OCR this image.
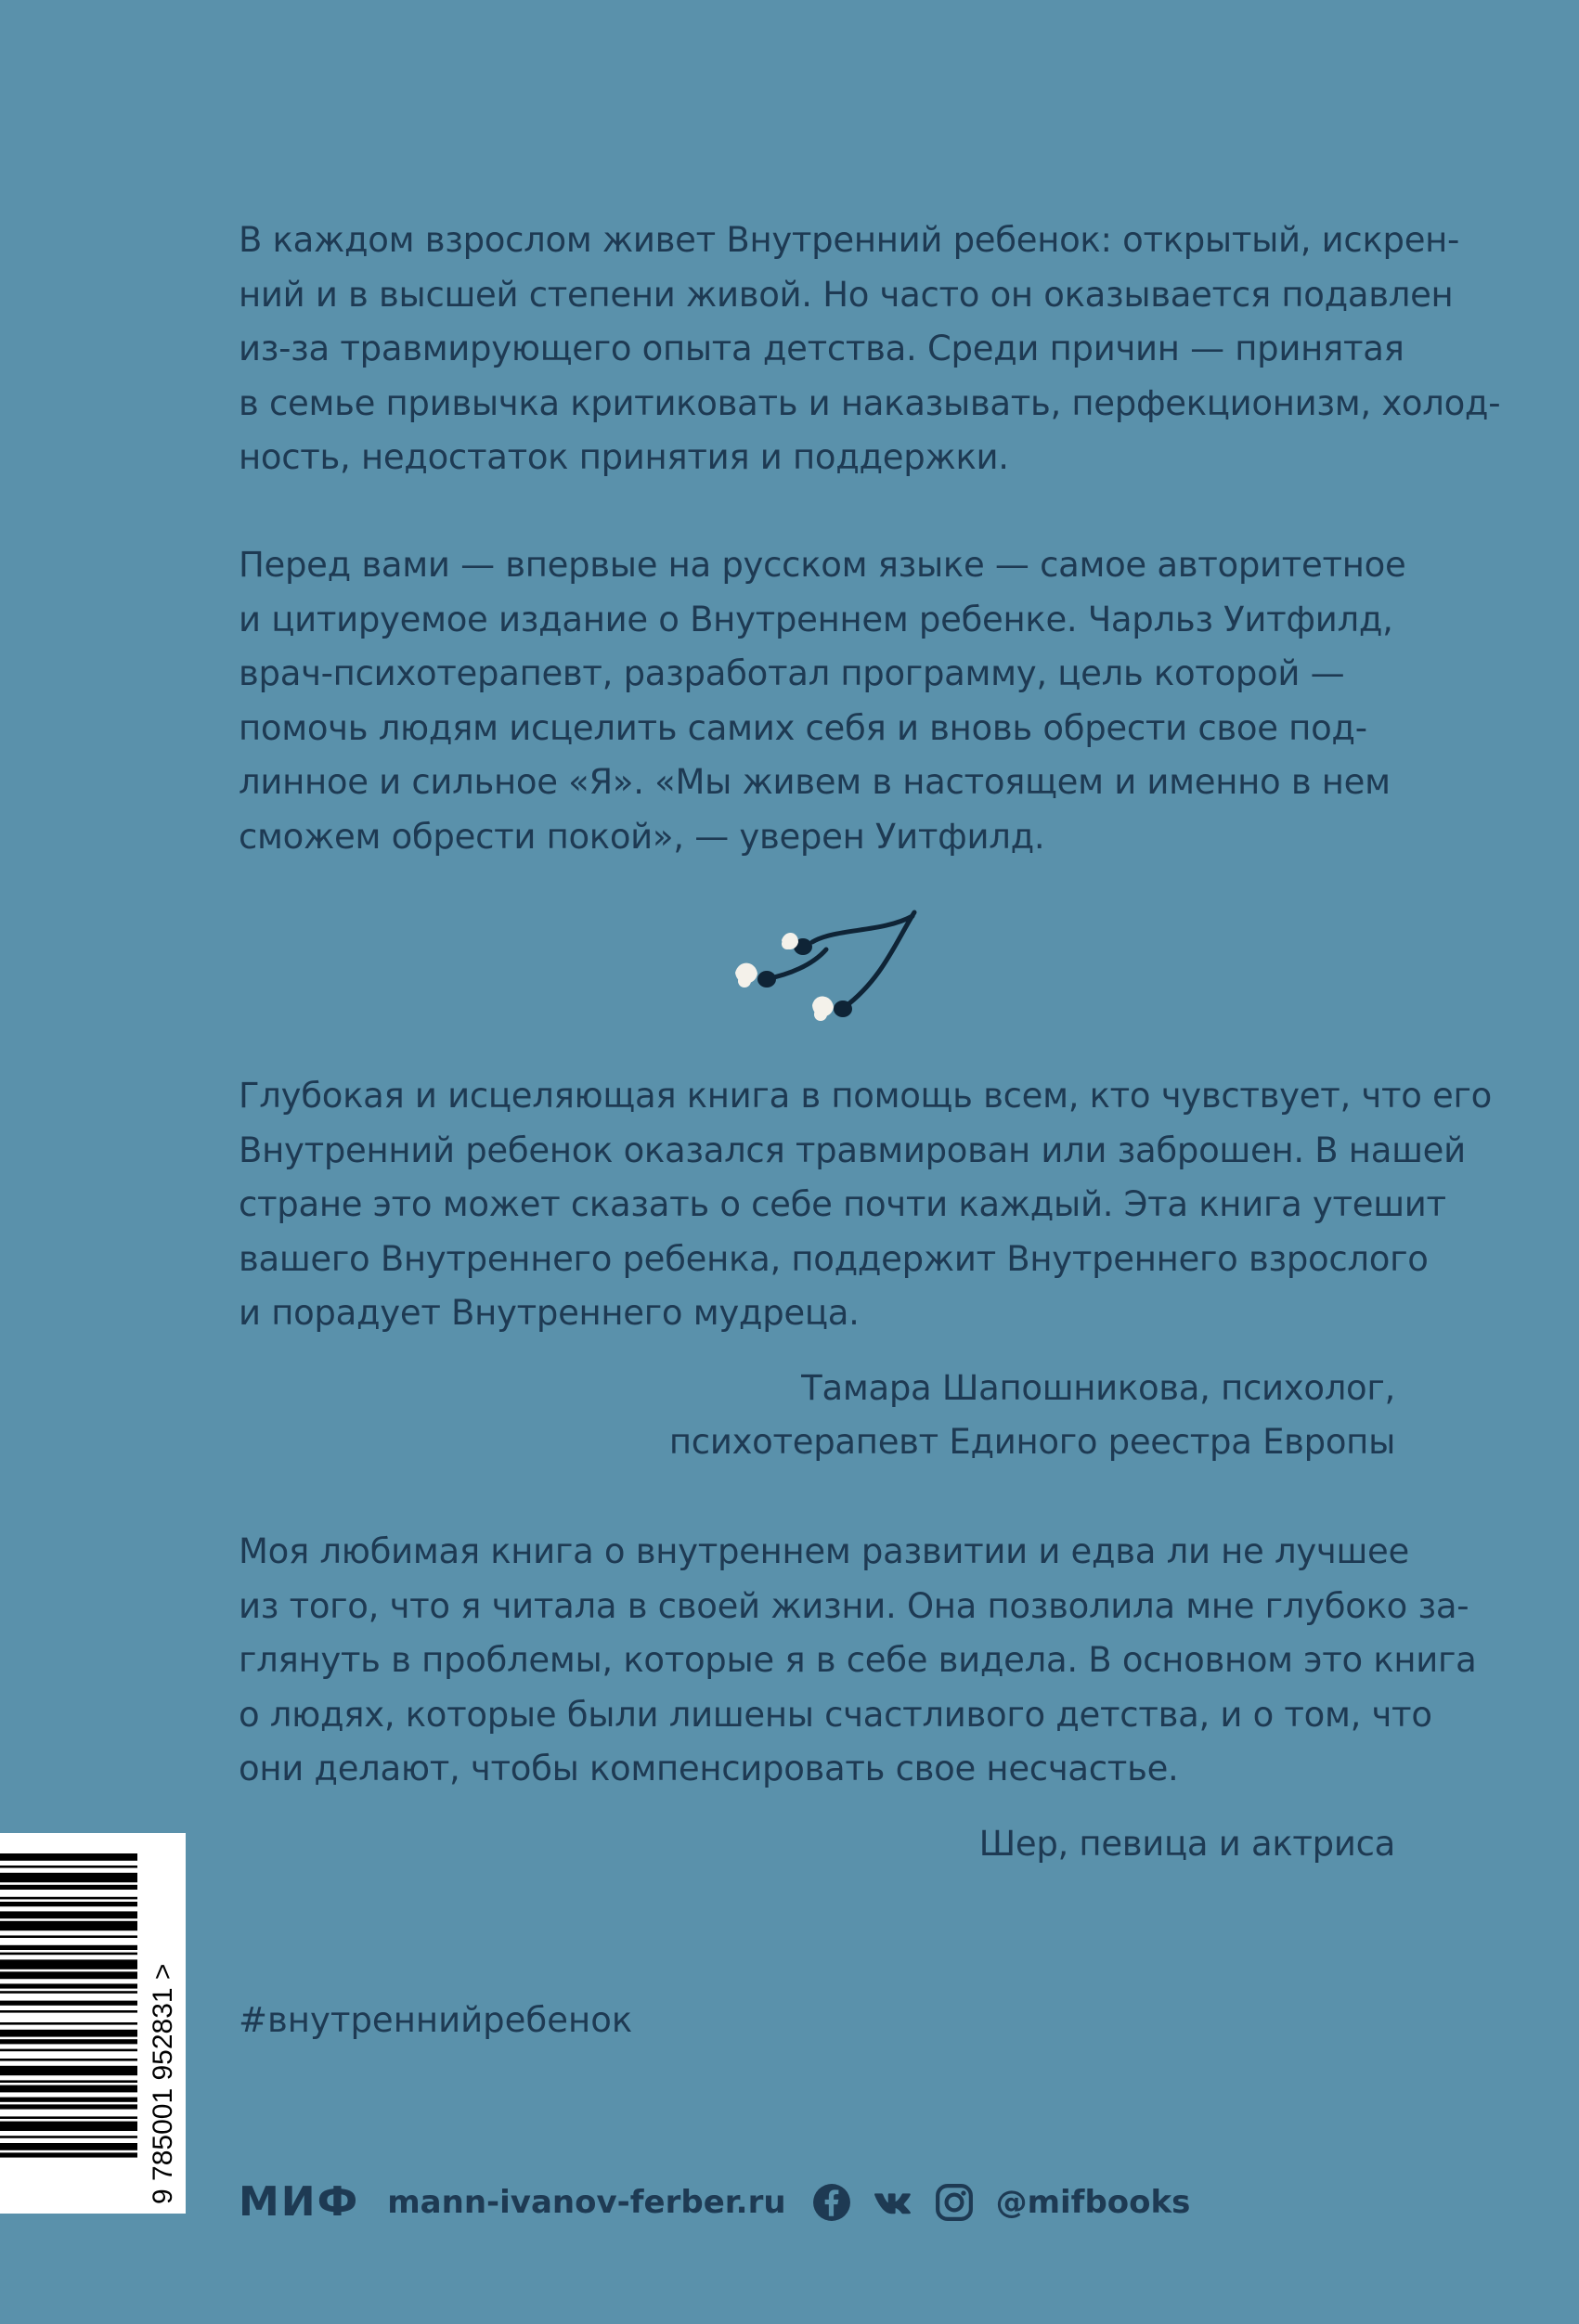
В каждом взрослом живет Внутренний ребенок: открытый, искрен-
ний и в высшей степени живой. Но часто он оказывается подавлен
из-за травмирующего опыта детства. Среди причин — принятая
в семье привычка критиковать и наказывать, перфекционизм, холод-
ность, недостаток принятия и поддержки.

Перед вами — впервые на русском языке — самое авторитетное
и цитируемое издание о Внутреннем ребенке. Чарльз Уитфилд,
врач-психотерапевт, разработал программу, цель которой —
помочь людям исцелить самих себя и вновь обрести свое под-
линное и сильное «Я». «Мы живем в настоящем и именно в нем
сможем обрести покой», — уверен Уитфилд.

Глубокая и исцеляющая книга в помощь всем, кто чувствует, что его
Внутренний ребенок оказался травмирован или заброшен. В нашей
стране это может сказать о себе почти каждый. Эта книга утешит
вашего Внутреннего ребенка, поддержит Внутреннего взрослого
и порадует Внутреннего мудреца.

Тамара Шапошникова, психолог,
психотерапевт Единого реестра Европы

Моя любимая книга о внутреннем развитии и едва ли не лучшее
из того, что я читала в своей жизни. Она позволила мне глубоко за-
глянуть в проблемы, которые я в себе видела. В основном это книга
о людях, которые были лишены счастливого детства, и о том, что
они делают, чтобы компенсировать свое несчастье.

Шер, певица и актриса
#внутреннийребенок
9 785001 952831 > МИФ mann-ivanov-ferber.ru	@mifbooks
